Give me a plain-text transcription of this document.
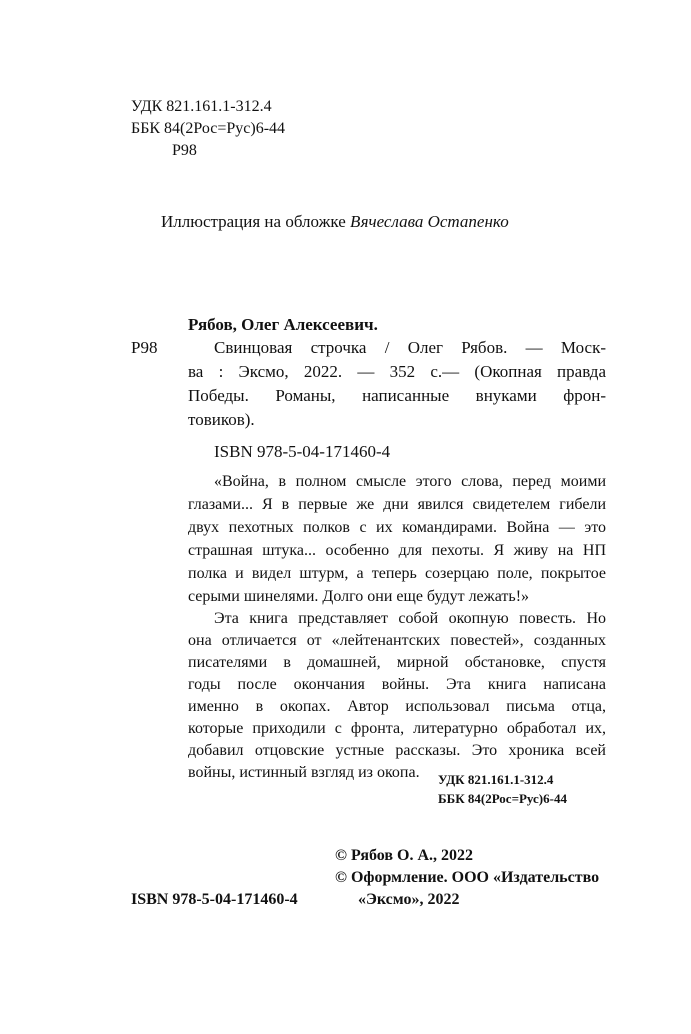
УДК 821.161.1-312.4
ББК 84(2Рос=Рус)6-44
Р98
Иллюстрация на обложке Вячеслава Остапенко
Рябов, Олег Алексеевич.
Р98	Свинцовая строчка / Олег Рябов. — Моск-
ва : Эксмо, 2022. — 352 с.— (Окопная правда
Победы. Романы, написанные внуками фрон-
товиков).
ISBN 978-5-04-171460-4
«Война, в полном смысле этого слова, перед моими
глазами... Я в первые же дни явился свидетелем гибели
двух пехотных полков с их командирами. Война — это
страшная штука... особенно для пехоты. Я живу на НП
полка и видел штурм, а теперь созерцаю поле, покрытое
серыми шинелями. Долго они еще будут лежать!»
Эта книга представляет собой окопную повесть. Но
она отличается от «лейтенантских повестей», созданных
писателями в домашней, мирной обстановке, спустя
годы после окончания войны. Эта книга написана
именно в окопах. Автор использовал письма отца,
которые приходили с фронта, литературно обработал их,
добавил отцовские устные рассказы. Это хроника всей
войны, истинный взгляд из окопа.	УДК 821.161.1-312.4
ББК 84(2Рос=Рус)6-44
© Рябов О. А., 2022
© Оформление. ООО «Издательство
«Эксмо», 2022
ISBN 978-5-04-171460-4
